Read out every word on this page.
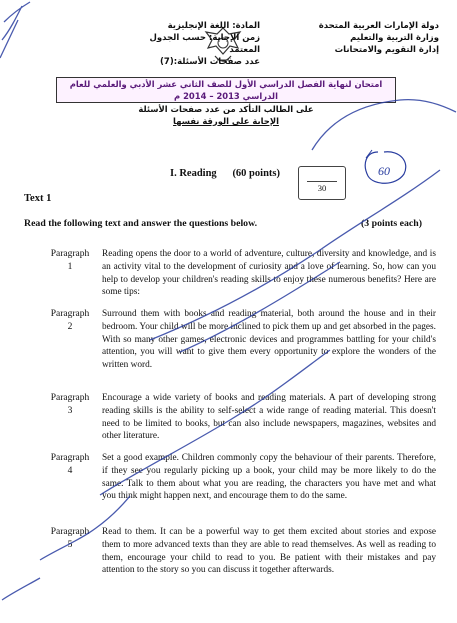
دولة الإمارات العربية المتحدة
وزارة التربية والتعليم
إدارة التقويم والامتحانات
المادة: اللغة الإنجليزية
زمن الإجابة: حسب الجدول المعتمد
عدد صفحات الأسئلة:(7)
امتحان لنهاية الفصل الدراسي الأول للصف الثاني عشر الأدبي والعلمي للعام الدراسي 2013 – 2014 م
على الطالب التأكد من عدد صفحات الأسئلة
الإجابة على الورقة نفسها
I. Reading (60 points)
30
60
Text 1
Read the following text and answer the questions below.	(3 points each)
Paragraph
1
Reading opens the door to a world of adventure, culture, diversity and knowledge, and is an activity vital to the development of curiosity and a love of learning. So, how can you help to develop your children's reading skills to enjoy these numerous benefits? Here are some tips:
Paragraph
2
Surround them with books and reading material, both around the house and in their bedroom. Your child will be more inclined to pick them up and get absorbed in the pages. With so many other games, electronic devices and programmes battling for your child's attention, you will want to give them every opportunity to explore the wonders of the written word.
Paragraph
3
Encourage a wide variety of books and reading materials. A part of developing strong reading skills is the ability to self-select a wide range of reading material. This doesn't need to be limited to books, but can also include newspapers, magazines, websites and other literature.
Paragraph
4
Set a good example. Children commonly copy the behaviour of their parents. Therefore, if they see you regularly picking up a book, your child may be more likely to do the same. Talk to them about what you are reading, the characters you have met and what you think might happen next, and encourage them to do the same.
Paragraph
5
Read to them. It can be a powerful way to get them excited about stories and expose them to more advanced texts than they are able to read themselves. As well as reading to them, encourage your child to read to you. Be patient with their mistakes and pay attention to the story so you can discuss it together afterwards.
